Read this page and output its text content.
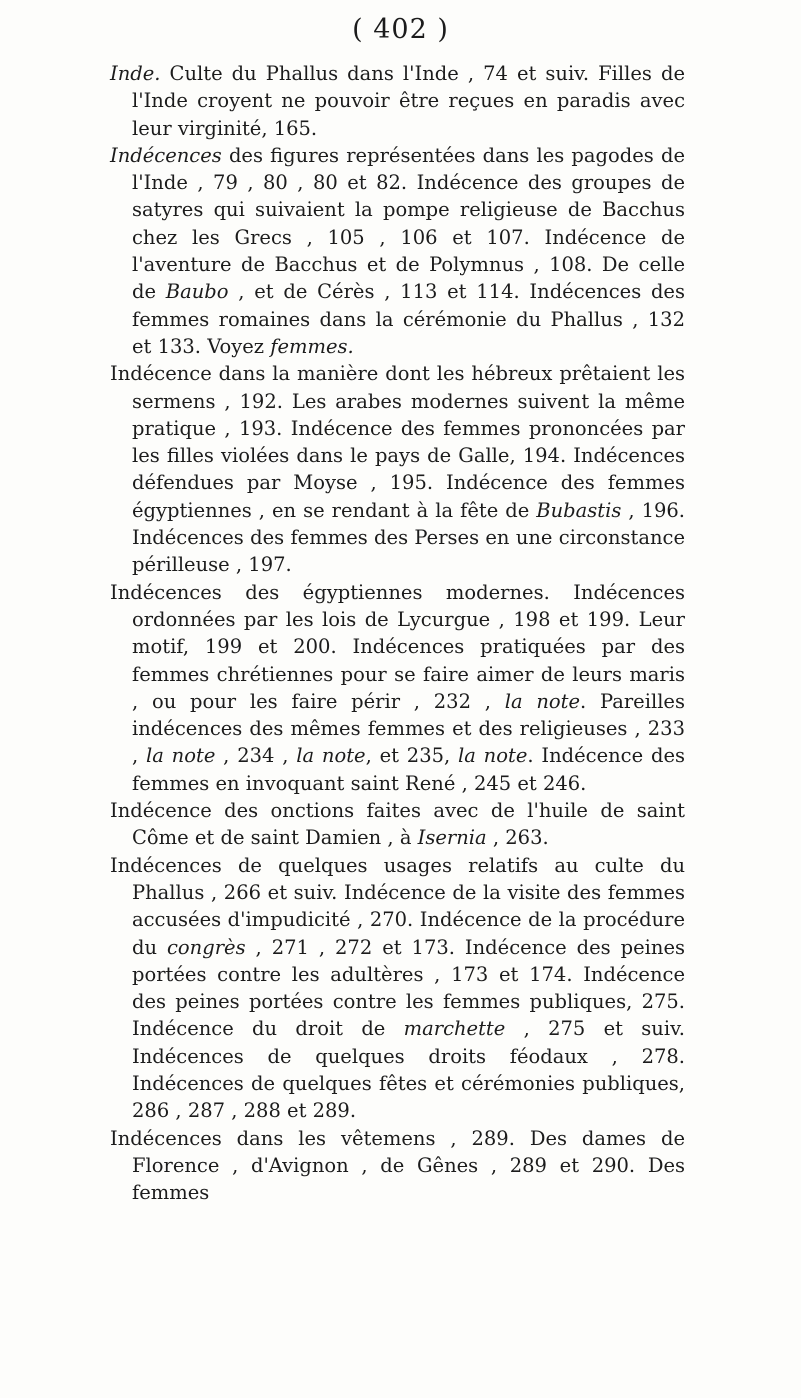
( 402 )

Inde. Culte du Phallus dans l'Inde , 74 et suiv. Filles de l'Inde croyent ne pouvoir être reçues en paradis avec leur virginité, 165.

Indécences des figures représentées dans les pagodes de l'Inde , 79 , 80 , 80 et 82. Indécence des groupes de satyres qui suivaient la pompe religieuse de Bacchus chez les Grecs , 105 , 106 et 107. Indécence de l'aventure de Bacchus et de Polymnus , 108. De celle de Baubo , et de Cérès , 113 et 114. Indécences des femmes romaines dans la cérémonie du Phallus , 132 et 133. Voyez femmes.

Indécence dans la manière dont les hébreux prêtaient les sermens , 192. Les arabes modernes suivent la même pratique , 193. Indécence des femmes prononcées par les filles violées dans le pays de Galle, 194. Indécences défendues par Moyse , 195. Indécence des femmes égyptiennes , en se rendant à la fête de Bubastis , 196. Indécences des femmes des Perses en une circonstance périlleuse , 197.

Indécences des égyptiennes modernes. Indécences ordonnées par les lois de Lycurgue , 198 et 199. Leur motif, 199 et 200. Indécences pratiquées par des femmes chrétiennes pour se faire aimer de leurs maris , ou pour les faire périr , 232 , la note. Pareilles indécences des mêmes femmes et des religieuses , 233 , la note , 234 , la note, et 235, la note. Indécence des femmes en invoquant saint René , 245 et 246.

Indécence des onctions faites avec de l'huile de saint Côme et de saint Damien , à Isernia , 263.

Indécences de quelques usages relatifs au culte du Phallus , 266 et suiv. Indécence de la visite des femmes accusées d'impudicité , 270. Indécence de la procédure du congrès , 271 , 272 et 173. Indécence des peines portées contre les adultères , 173 et 174. Indécence des peines portées contre les femmes publiques, 275. Indécence du droit de marchette , 275 et suiv. Indécences de quelques droits féodaux , 278. Indécences de quelques fêtes et cérémonies publiques, 286 , 287 , 288 et 289.

Indécences dans les vêtemens , 289. Des dames de Florence , d'Avignon , de Gênes , 289 et 290. Des femmes
